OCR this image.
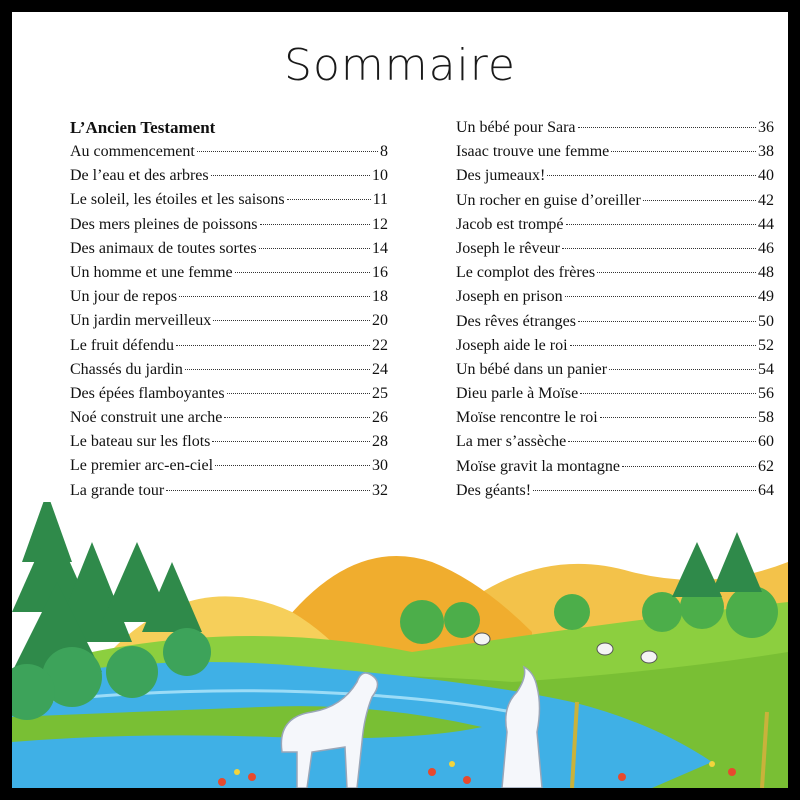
Sommaire
L’Ancien Testament
Au commencement	8
De l’eau et des arbres	10
Le soleil, les étoiles et les saisons	11
Des mers pleines de poissons	12
Des animaux de toutes sortes	14
Un homme et une femme	16
Un jour de repos	18
Un jardin merveilleux	20
Le fruit défendu	22
Chassés du jardin	24
Des épées flamboyantes	25
Noé construit une arche	26
Le bateau sur les flots	28
Le premier arc-en-ciel	30
La grande tour	32
Un bébé pour Sara	36
Isaac trouve une femme	38
Des jumeaux!	40
Un rocher en guise d’oreiller	42
Jacob est trompé	44
Joseph le rêveur	46
Le complot des frères	48
Joseph en prison	49
Des rêves étranges	50
Joseph aide le roi	52
Un bébé dans un panier	54
Dieu parle à Moïse	56
Moïse rencontre le roi	58
La mer s’assèche	60
Moïse gravit la montagne	62
Des géants!	64
